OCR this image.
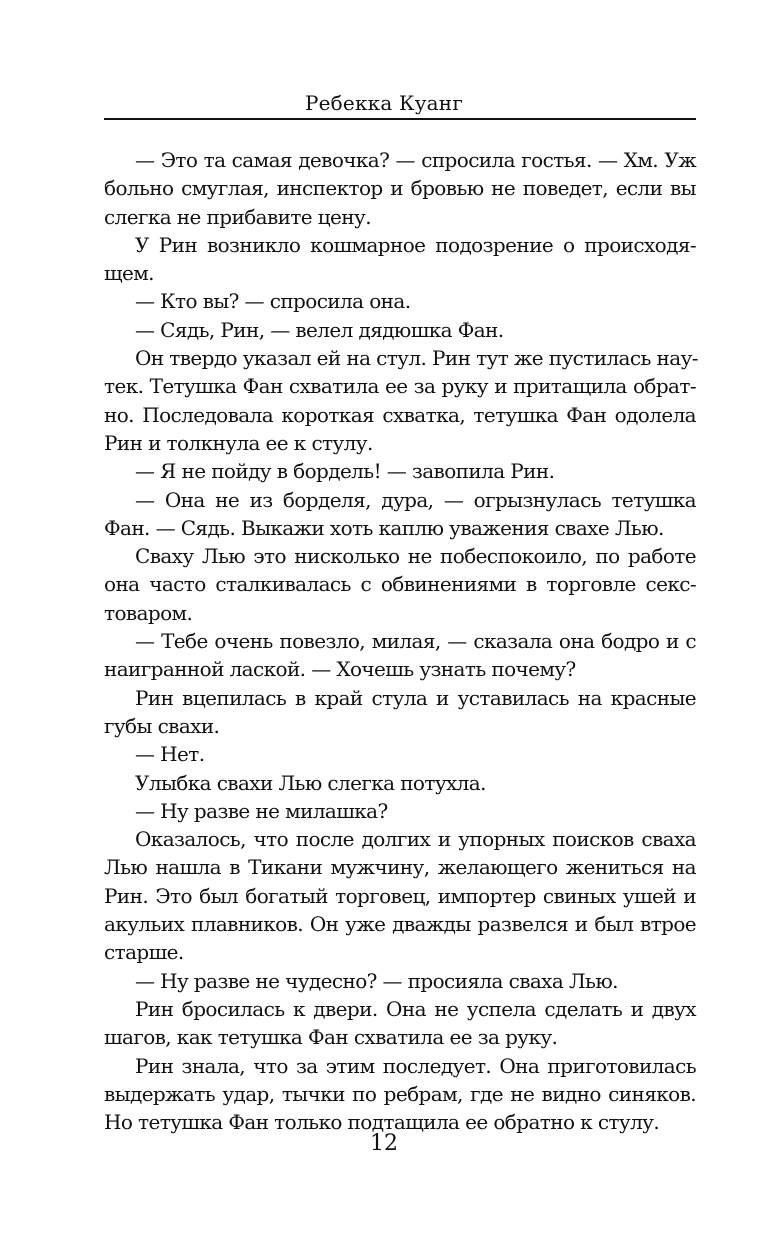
Ребекка Куанг

— Это та самая девочка? — спросила гостья. — Хм. Уж
больно смуглая, инспектор и бровью не поведет, если вы
слегка не прибавите цену.

У Рин возникло кошмарное подозрение о происходя-
щем.

— Кто вы? — спросила она.

— Сядь, Рин, — велел дядюшка Фан.

Он твердо указал ей на стул. Рин тут же пустилась нау-
тек. Тетушка Фан схватила ее за руку и притащила обрат-
но. Последовала короткая схватка, тетушка Фан одолела
Рин и толкнула ее к стулу.

— Я не пойду в бордель! — завопила Рин.

— Она не из борделя, дура, — огрызнулась тетушка
Фан. — Сядь. Выкажи хоть каплю уважения свахе Лью.

Сваху Лью это нисколько не побеспокоило, по работе
она часто сталкивалась с обвинениями в торговле секс-
товаром.

— Тебе очень повезло, милая, — сказала она бодро и с
наигранной лаской. — Хочешь узнать почему?

Рин вцепилась в край стула и уставилась на красные
губы свахи.

— Нет.

Улыбка свахи Лью слегка потухла.

— Ну разве не милашка?

Оказалось, что после долгих и упорных поисков сваха
Лью нашла в Тикани мужчину, желающего жениться на
Рин. Это был богатый торговец, импортер свиных ушей и
акульих плавников. Он уже дважды развелся и был втрое
старше.

— Ну разве не чудесно? — просияла сваха Лью.

Рин бросилась к двери. Она не успела сделать и двух
шагов, как тетушка Фан схватила ее за руку.

Рин знала, что за этим последует. Она приготовилась
выдержать удар, тычки по ребрам, где не видно синяков.
Но тетушка Фан только подтащила ее обратно к стулу.

12
